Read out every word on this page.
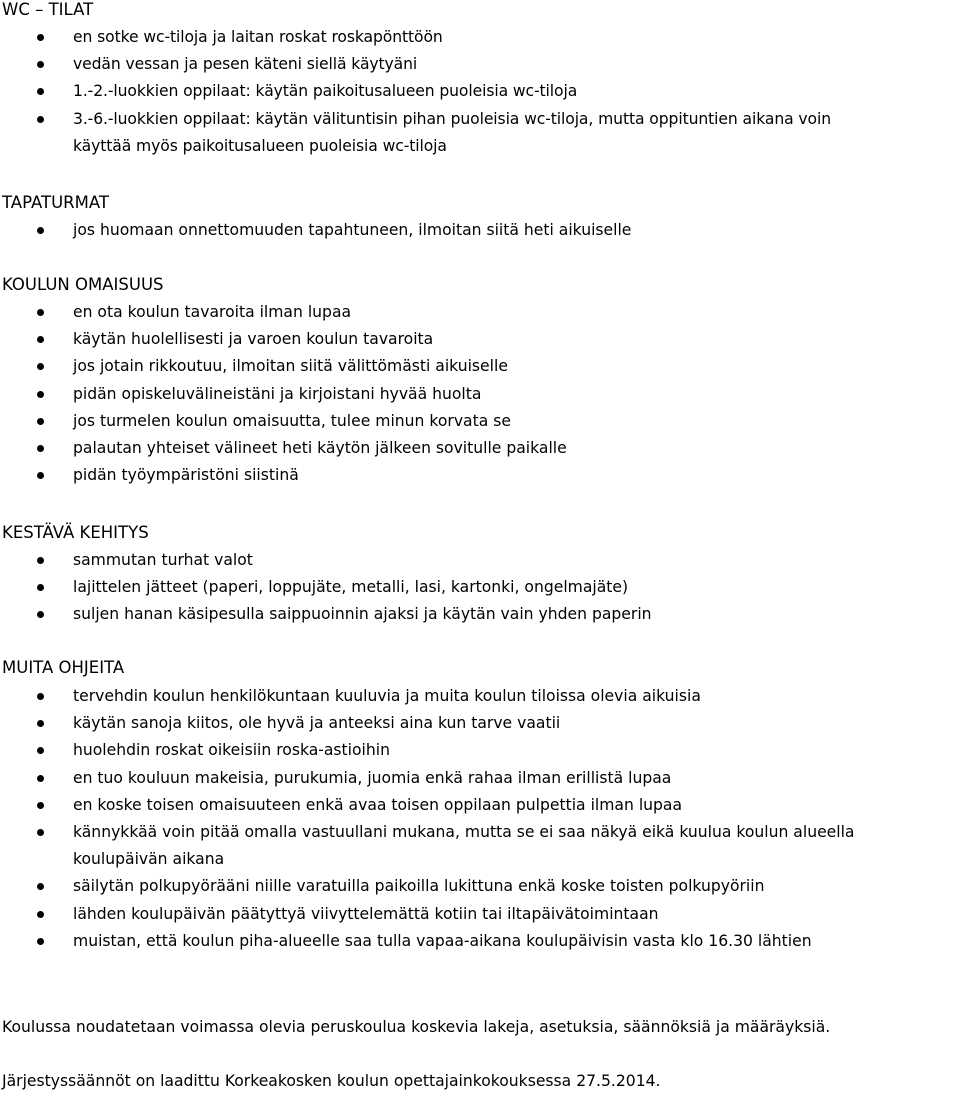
WC – TILAT
en sotke wc-tiloja ja laitan roskat roskapönttöön
vedän vessan ja pesen käteni siellä käytyäni
1.-2.-luokkien oppilaat: käytän paikoitusalueen puoleisia wc-tiloja
3.-6.-luokkien oppilaat: käytän välituntisin pihan puoleisia wc-tiloja, mutta oppituntien aikana voin
käyttää myös paikoitusalueen puoleisia wc-tiloja
TAPATURMAT
jos huomaan onnettomuuden tapahtuneen, ilmoitan siitä heti aikuiselle
KOULUN OMAISUUS
en ota koulun tavaroita ilman lupaa
käytän huolellisesti ja varoen koulun tavaroita
jos jotain rikkoutuu, ilmoitan siitä välittömästi aikuiselle
pidän opiskeluvälineistäni ja kirjoistani hyvää huolta
jos turmelen koulun omaisuutta, tulee minun korvata se
palautan yhteiset välineet heti käytön jälkeen sovitulle paikalle
pidän työympäristöni siistinä
KESTÄVÄ KEHITYS
sammutan turhat valot
lajittelen jätteet (paperi, loppujäte, metalli, lasi, kartonki, ongelmajäte)
suljen hanan käsipesulla saippuoinnin ajaksi ja käytän vain yhden paperin
MUITA OHJEITA
tervehdin koulun henkilökuntaan kuuluvia ja muita koulun tiloissa olevia aikuisia
käytän sanoja kiitos, ole hyvä ja anteeksi aina kun tarve vaatii
huolehdin roskat oikeisiin roska-astioihin
en tuo kouluun makeisia, purukumia, juomia enkä rahaa ilman erillistä lupaa
en koske toisen omaisuuteen enkä avaa toisen oppilaan pulpettia ilman lupaa
kännykkää voin pitää omalla vastuullani mukana, mutta se ei saa näkyä eikä kuulua koulun alueella
koulupäivän aikana
säilytän polkupyörääni niille varatuilla paikoilla lukittuna enkä koske toisten polkupyöriin
lähden koulupäivän päätyttyä viivyttelemättä kotiin tai iltapäivätoimintaan
muistan, että koulun piha-alueelle saa tulla vapaa-aikana koulupäivisin vasta klo 16.30 lähtien

Koulussa noudatetaan voimassa olevia peruskoulua koskevia lakeja, asetuksia, säännöksiä ja määräyksiä.

Järjestyssäännöt on laadittu Korkeakosken koulun opettajainkokouksessa 27.5.2014.
